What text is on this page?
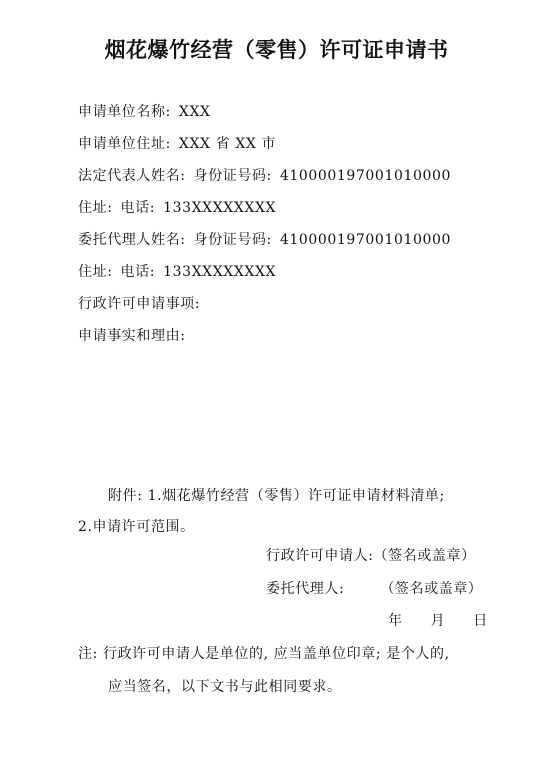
烟花爆竹经营（零售）许可证申请书
申请单位名称: XXX
申请单位住址: XXX 省 XX 市
法定代表人姓名: 身份证号码: 410000197001010000
住址: 电话: 133XXXXXXXX
委托代理人姓名: 身份证号码: 410000197001010000
住址: 电话: 133XXXXXXXX
行政许可申请事项:
申请事实和理由:
附件: 1.烟花爆竹经营（零售）许可证申请材料清单;
2.申请许可范围。
行政许可申请人:（签名或盖章）
委托代理人:	（签名或盖章）
年 月 日
注: 行政许可申请人是单位的, 应当盖单位印章; 是个人的,
应当签名，以下文书与此相同要求。
